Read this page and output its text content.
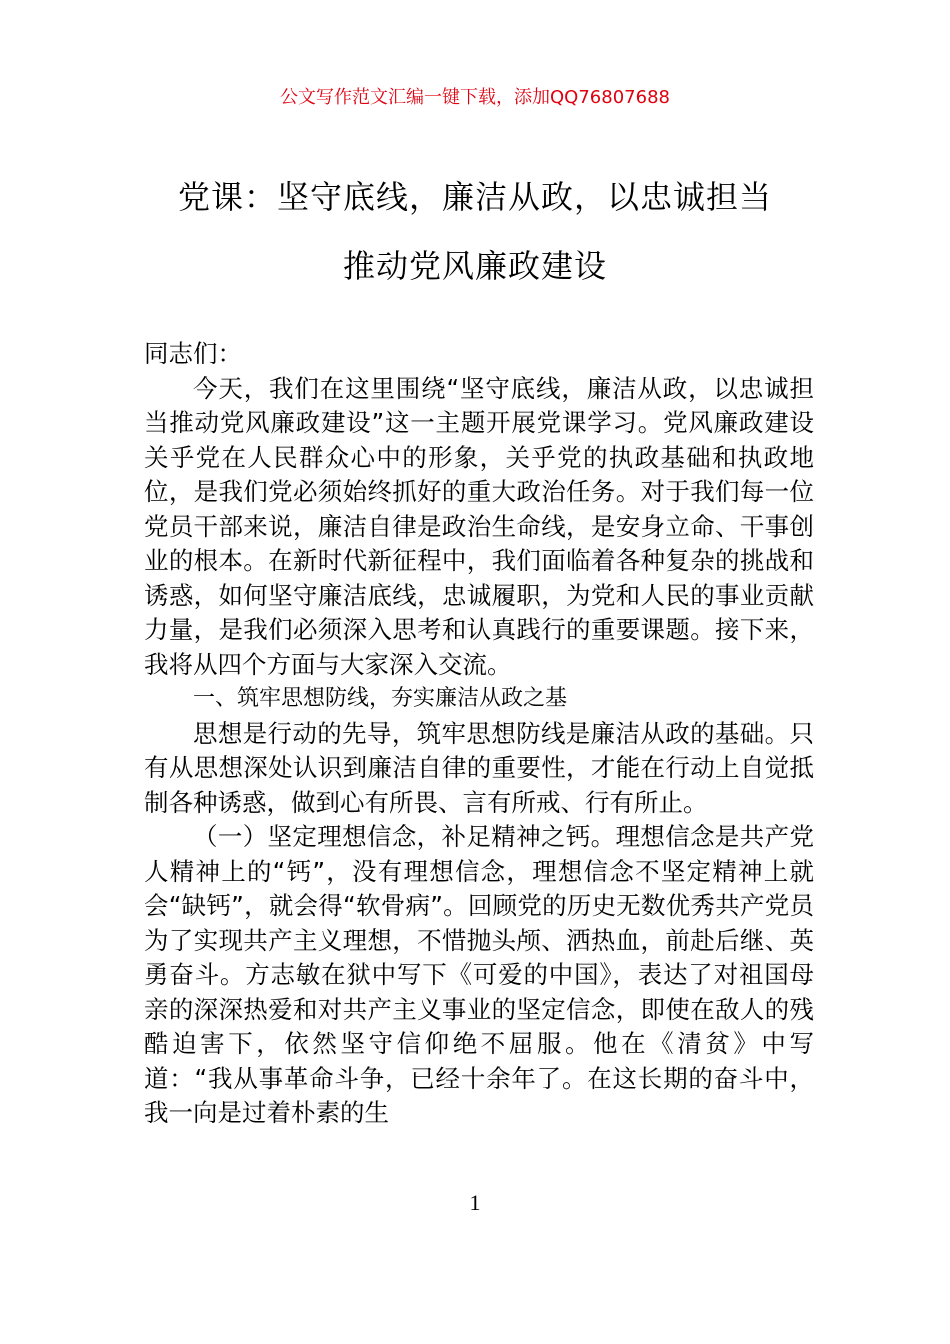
公文写作范文汇编一键下载，添加QQ76807688
党课：坚守底线，廉洁从政，以忠诚担当
推动党风廉政建设

同志们：

今天，我们在这里围绕“坚守底线，廉洁从政，以忠诚担当推动党风廉政建设”这一主题开展党课学习。党风廉政建设关乎党在人民群众心中的形象，关乎党的执政基础和执政地位，是我们党必须始终抓好的重大政治任务。对于我们每一位党员干部来说，廉洁自律是政治生命线，是安身立命、干事创业的根本。在新时代新征程中，我们面临着各种复杂的挑战和诱惑，如何坚守廉洁底线，忠诚履职，为党和人民的事业贡献力量，是我们必须深入思考和认真践行的重要课题。接下来，我将从四个方面与大家深入交流。

一、筑牢思想防线，夯实廉洁从政之基

思想是行动的先导，筑牢思想防线是廉洁从政的基础。只有从思想深处认识到廉洁自律的重要性，才能在行动上自觉抵制各种诱惑，做到心有所畏、言有所戒、行有所止。

（一）坚定理想信念，补足精神之钙。理想信念是共产党人精神上的“钙”，没有理想信念，理想信念不坚定精神上就会“缺钙”，就会得“软骨病”。回顾党的历史无数优秀共产党员为了实现共产主义理想，不惜抛头颅、洒热血，前赴后继、英勇奋斗。方志敏在狱中写下《可爱的中国》，表达了对祖国母亲的深深热爱和对共产主义事业的坚定信念，即使在敌人的残酷迫害下，依然坚守信仰绝不屈服。他在《清贫》中写道：“我从事革命斗争，已经十余年了。在这长期的奋斗中，我一向是过着朴素的生

1
